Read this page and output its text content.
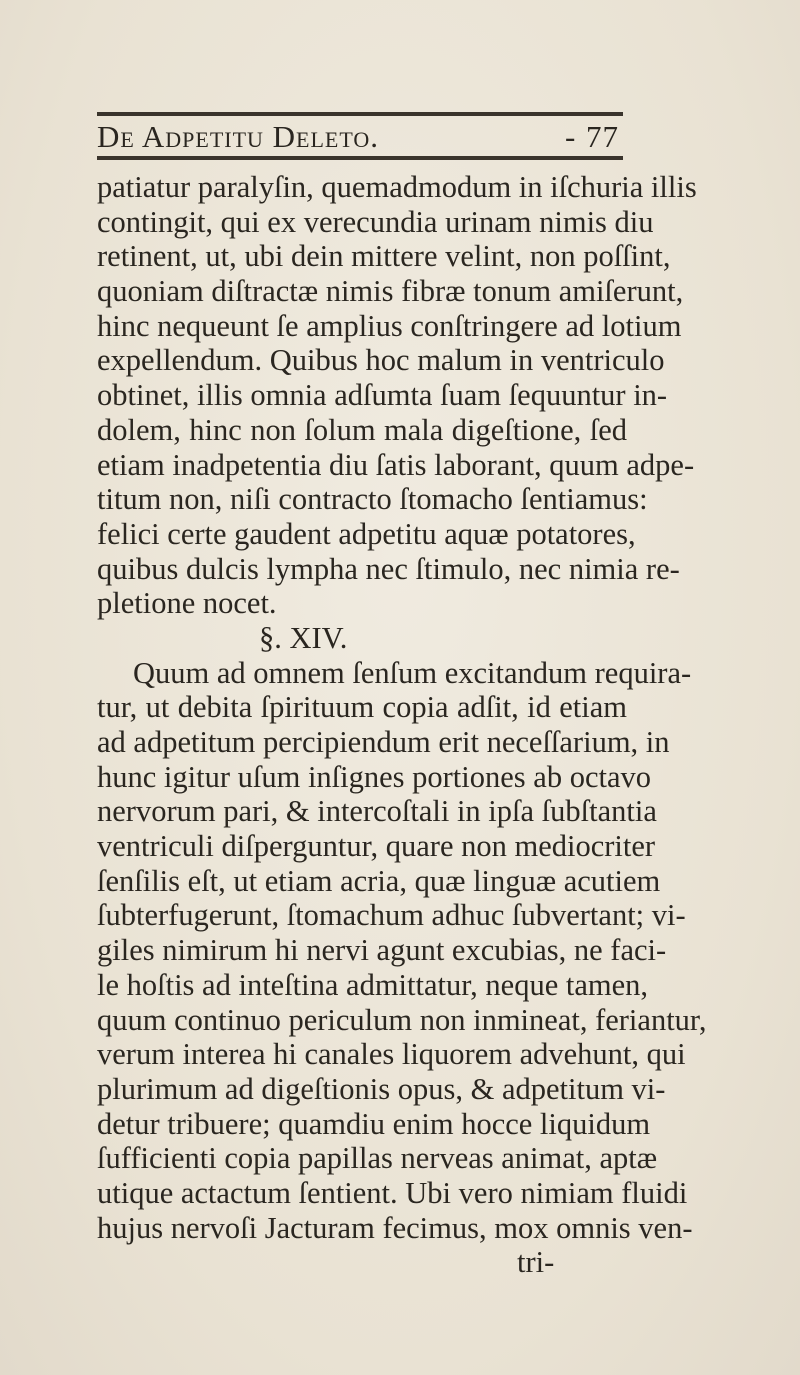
De Adpetitu Deleto.	- 77
patiatur paralyſin, quemadmodum in iſchuria illis
contingit, qui ex verecundia urinam nimis diu
retinent, ut, ubi dein mittere velint, non poſſint,
quoniam diſtractæ nimis fibræ tonum amiſerunt,
hinc nequeunt ſe amplius conſtringere ad lotium
expellendum. Quibus hoc malum in ventriculo
obtinet, illis omnia adſumta ſuam ſequuntur in-
dolem, hinc non ſolum mala digeſtione, ſed
etiam inadpetentia diu ſatis laborant, quum adpe-
titum non, niſi contracto ſtomacho ſentiamus:
felici certe gaudent adpetitu aquæ potatores,
quibus dulcis lympha nec ſtimulo, nec nimia re-
pletione nocet.
§. XIV.
Quum ad omnem ſenſum excitandum requira-
tur, ut debita ſpirituum copia adſit, id etiam
ad adpetitum percipiendum erit neceſſarium, in
hunc igitur uſum inſignes portiones ab octavo
nervorum pari, & intercoſtali in ipſa ſubſtantia
ventriculi diſperguntur, quare non mediocriter
ſenſilis eſt, ut etiam acria, quæ linguæ acutiem
ſubterfugerunt, ſtomachum adhuc ſubvertant; vi-
giles nimirum hi nervi agunt excubias, ne faci-
le hoſtis ad inteſtina admittatur, neque tamen,
quum continuo periculum non inmineat, feriantur,
verum interea hi canales liquorem advehunt, qui
plurimum ad digeſtionis opus, & adpetitum vi-
detur tribuere; quamdiu enim hocce liquidum
ſufficienti copia papillas nerveas animat, aptæ
utique actactum ſentient. Ubi vero nimiam fluidi
hujus nervoſi Jacturam fecimus, mox omnis ven-
tri-
